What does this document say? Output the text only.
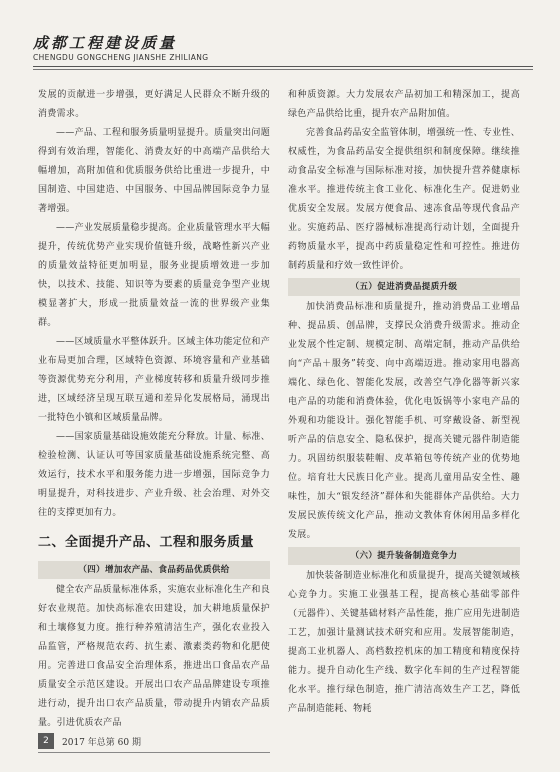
成都工程建设质量
CHENGDU GONGCHENG JIANSHE ZHILIANG

发展的贡献进一步增强，更好满足人民群众不断升级的消费需求。

——产品、工程和服务质量明显提升。质量突出问题得到有效治理，智能化、消费友好的中高端产品供给大幅增加，高附加值和优质服务供给比重进一步提升，中国制造、中国建造、中国服务、中国品牌国际竞争力显著增强。

——产业发展质量稳步提高。企业质量管理水平大幅提升，传统优势产业实现价值链升级，战略性新兴产业的质量效益特征更加明显，服务业提质增效进一步加快，以技术、技能、知识等为要素的质量竞争型产业规模显著扩大，形成一批质量效益一流的世界级产业集群。

——区域质量水平整体跃升。区域主体功能定位和产业布局更加合理，区域特色资源、环境容量和产业基础等资源优势充分利用，产业梯度转移和质量升级同步推进，区域经济呈现互联互通和差异化发展格局，涌现出一批特色小镇和区域质量品牌。

——国家质量基础设施效能充分释放。计量、标准、检验检测、认证认可等国家质量基础设施系统完整、高效运行，技术水平和服务能力进一步增强，国际竞争力明显提升，对科技进步、产业升级、社会治理、对外交往的支撑更加有力。

二、全面提升产品、工程和服务质量
（四）增加农产品、食品药品优质供给

健全农产品质量标准体系，实施农业标准化生产和良好农业规范。加快高标准农田建设，加大耕地质量保护和土壤修复力度。推行种养殖清洁生产，强化农业投入品监管，严格规范农药、抗生素、激素类药物和化肥使用。完善进口食品安全治理体系，推进出口食品农产品质量安全示范区建设。开展出口农产品品牌建设专项推进行动，提升出口农产品质量，带动提升内销农产品质量。引进优质农产品

和种质资源。大力发展农产品初加工和精深加工，提高绿色产品供给比重，提升农产品附加值。

完善食品药品安全监管体制，增强统一性、专业性、权威性，为食品药品安全提供组织和制度保障。继续推动食品安全标准与国际标准对接，加快提升营养健康标准水平。推进传统主食工业化、标准化生产。促进奶业优质安全发展。发展方便食品、速冻食品等现代食品产业。实施药品、医疗器械标准提高行动计划，全面提升药物质量水平，提高中药质量稳定性和可控性。推进仿制药质量和疗效一致性评价。

（五）促进消费品提质升级

加快消费品标准和质量提升，推动消费品工业增品种、提品质、创品牌，支撑民众消费升级需求。推动企业发展个性定制、规模定制、高端定制，推动产品供给向“产品＋服务”转变、向中高端迈进。推动家用电器高端化、绿色化、智能化发展，改善空气净化器等新兴家电产品的功能和消费体验，优化电饭锅等小家电产品的外观和功能设计。强化智能手机、可穿戴设备、新型视听产品的信息安全、隐私保护，提高关键元器件制造能力。巩固纺织服装鞋帽、皮革箱包等传统产业的优势地位。培育壮大民族日化产业。提高儿童用品安全性、趣味性，加大“银发经济”群体和失能群体产品供给。大力发展民族传统文化产品，推动文教体育休闲用品多样化发展。

（六）提升装备制造竞争力

加快装备制造业标准化和质量提升，提高关键领域核心竞争力。实施工业强基工程，提高核心基础零部件（元器件）、关键基础材料产品性能，推广应用先进制造工艺，加强计量测试技术研究和应用。发展智能制造，提高工业机器人、高档数控机床的加工精度和精度保持能力。提升自动化生产线、数字化车间的生产过程智能化水平。推行绿色制造，推广清洁高效生产工艺，降低产品制造能耗、物耗

2	2017 年总第 60 期
